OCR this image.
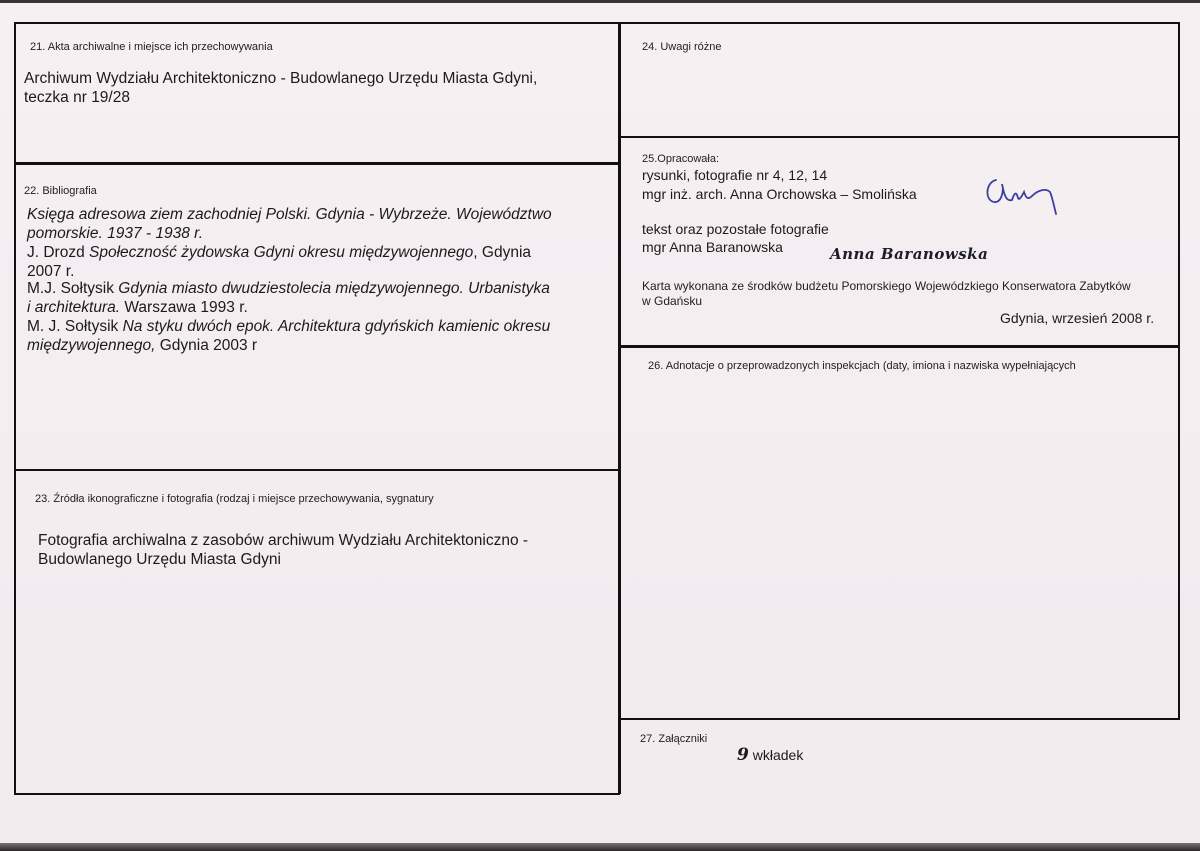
21. Akta archiwalne i miejsce ich przechowywania
Archiwum Wydziału Architektoniczno - Budowlanego Urzędu Miasta Gdyni,
teczka nr 19/28
22. Bibliografia
Księga adresowa ziem zachodniej Polski. Gdynia - Wybrzeże. Województwo
pomorskie. 1937 - 1938 r.
J. Drozd Społeczność żydowska Gdyni okresu międzywojennego, Gdynia
2007 r.
M.J. Sołtysik Gdynia miasto dwudziestolecia międzywojennego. Urbanistyka
i architektura. Warszawa 1993 r.
M. J. Sołtysik Na styku dwóch epok. Architektura gdyńskich kamienic okresu
międzywojennego, Gdynia 2003 r
23. Źródła ikonograficzne i fotografia (rodzaj i miejsce przechowywania, sygnatury
Fotografia archiwalna z zasobów archiwum Wydziału Architektoniczno -
Budowlanego Urzędu Miasta Gdyni
24. Uwagi różne
25.Opracowała:
rysunki, fotografie nr 4, 12, 14
mgr inż. arch. Anna Orchowska – Smolińska
tekst oraz pozostałe fotografie
mgr Anna Baranowska	Anna Baranowska
Karta wykonana ze środków budżetu Pomorskiego Wojewódzkiego Konserwatora Zabytków
w Gdańsku
Gdynia, wrzesień 2008 r.
26. Adnotacje o przeprowadzonych inspekcjach (daty, imiona i nazwiska wypełniających
27. Załączniki
9 wkładek
